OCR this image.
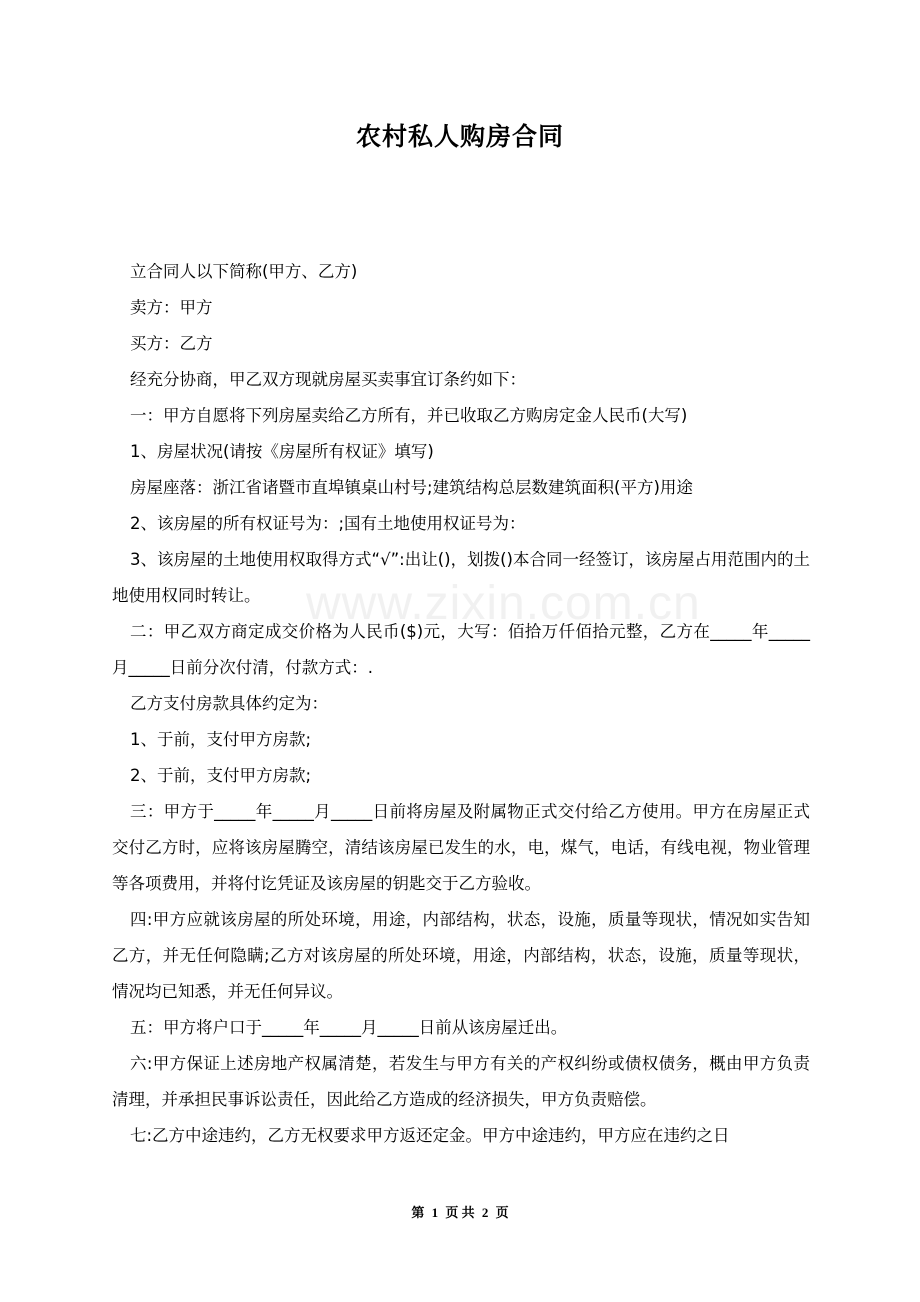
农村私人购房合同
www.zixin.com.cn

立合同人以下简称(甲方、乙方)

卖方：甲方

买方：乙方

经充分协商，甲乙双方现就房屋买卖事宜订条约如下：

一：甲方自愿将下列房屋卖给乙方所有，并已收取乙方购房定金人民币(大写)

1、房屋状况(请按《房屋所有权证》填写)

房屋座落：浙江省诸暨市直埠镇桌山村号;建筑结构总层数建筑面积(平方)用途

2、该房屋的所有权证号为：;国有土地使用权证号为：

3、该房屋的土地使用权取得方式“√”:出让()，划拨()本合同一经签订，该房屋占用范围内的土地使用权同时转让。

二：甲乙双方商定成交价格为人民币($)元，大写：佰拾万仟佰拾元整，乙方在_____年_____月_____日前分次付清，付款方式：.

乙方支付房款具体约定为：

1、于前，支付甲方房款;

2、于前，支付甲方房款;

三：甲方于_____年_____月_____日前将房屋及附属物正式交付给乙方使用。甲方在房屋正式交付乙方时，应将该房屋腾空，清结该房屋已发生的水，电，煤气，电话，有线电视，物业管理等各项费用，并将付讫凭证及该房屋的钥匙交于乙方验收。

四:甲方应就该房屋的所处环境，用途，内部结构，状态，设施，质量等现状，情况如实告知乙方，并无任何隐瞒;乙方对该房屋的所处环境，用途，内部结构，状态，设施，质量等现状，情况均已知悉，并无任何异议。

五：甲方将户口于_____年_____月_____日前从该房屋迁出。

六:甲方保证上述房地产权属清楚，若发生与甲方有关的产权纠纷或债权债务，概由甲方负责清理，并承担民事诉讼责任，因此给乙方造成的经济损失，甲方负责赔偿。

七:乙方中途违约，乙方无权要求甲方返还定金。甲方中途违约，甲方应在违约之日

第 1 页 共 2 页
